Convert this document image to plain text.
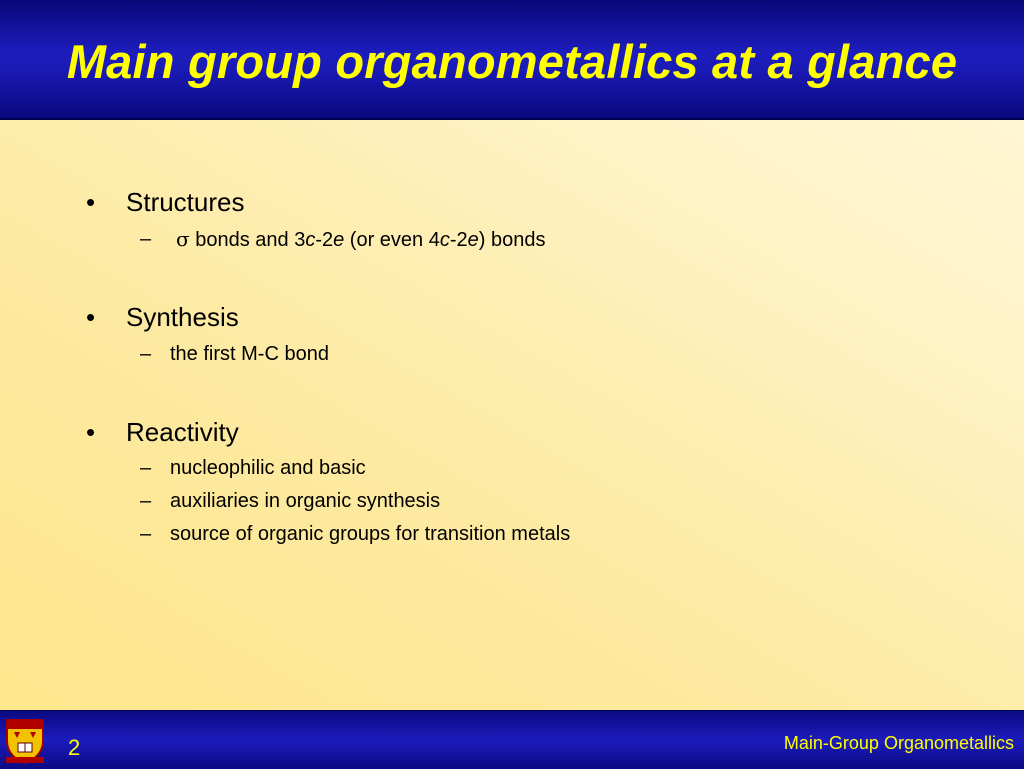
Main group organometallics at a glance
• Structures
– σ bonds and 3c-2e (or even 4c-2e) bonds
• Synthesis
– the first M-C bond
• Reactivity
– nucleophilic and basic
– auxiliaries in organic synthesis
– source of organic groups for transition metals
2	Main-Group Organometallics
